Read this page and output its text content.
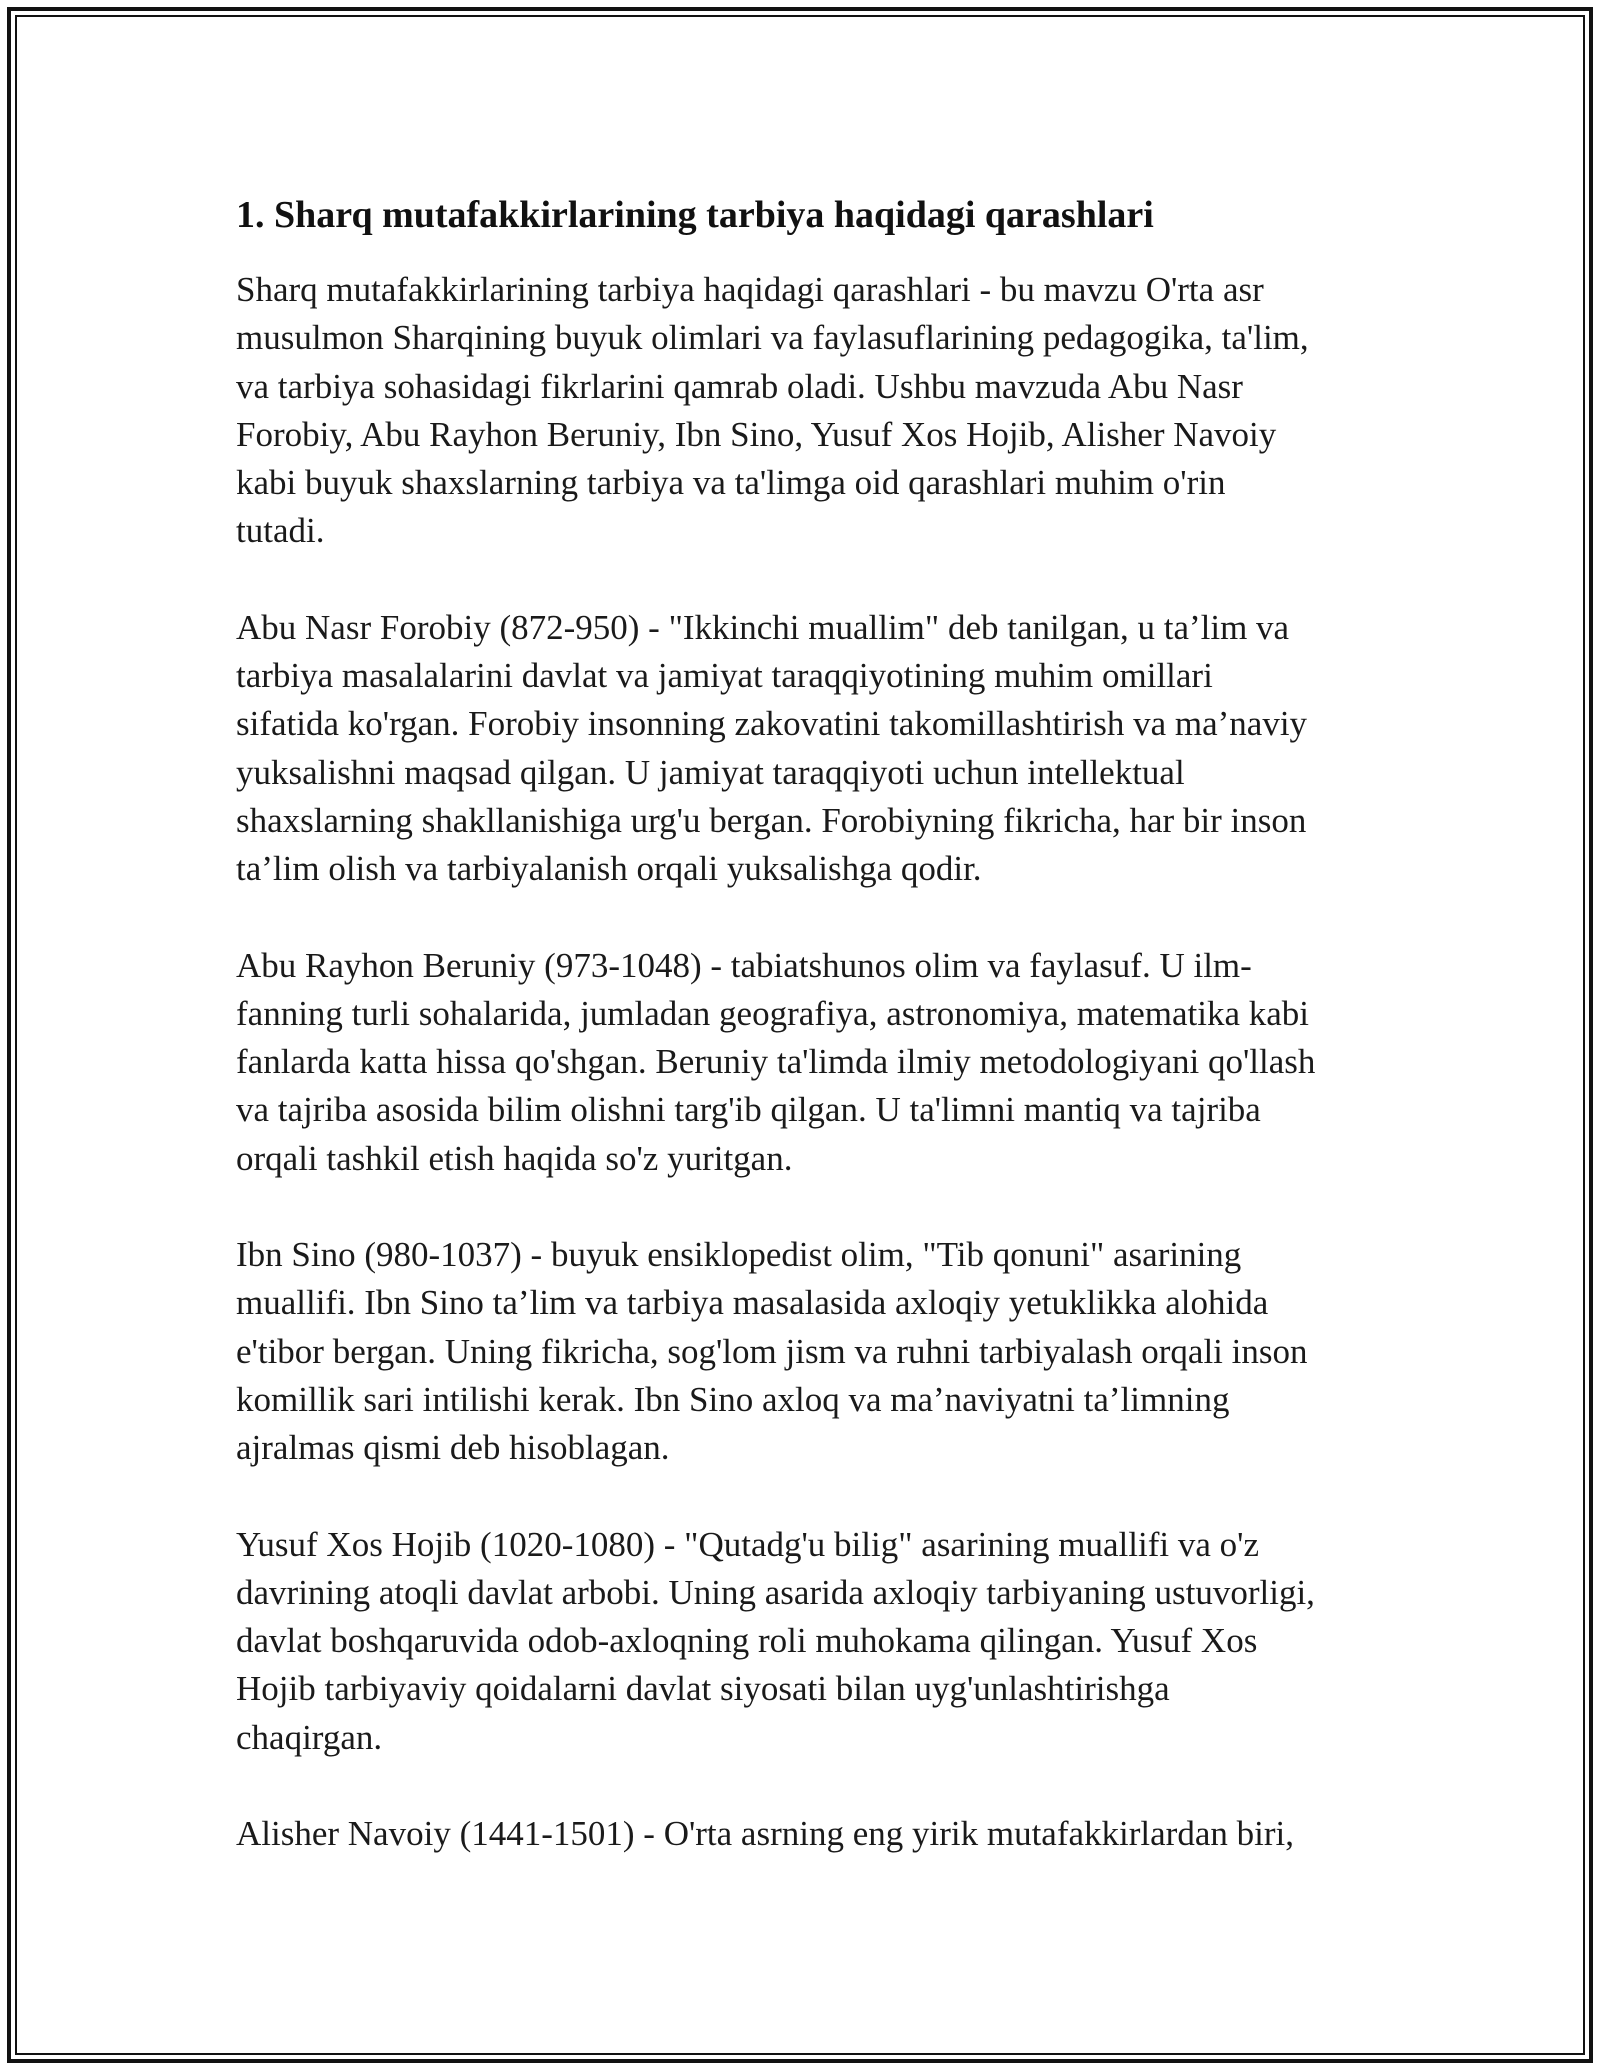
1. Sharq mutafakkirlarining tarbiya haqidagi qarashlari

Sharq mutafakkirlarining tarbiya haqidagi qarashlari - bu mavzu O'rta asr
musulmon Sharqining buyuk olimlari va faylasuflarining pedagogika, ta'lim,
va tarbiya sohasidagi fikrlarini qamrab oladi. Ushbu mavzuda Abu Nasr
Forobiy, Abu Rayhon Beruniy, Ibn Sino, Yusuf Xos Hojib, Alisher Navoiy
kabi buyuk shaxslarning tarbiya va ta'limga oid qarashlari muhim o'rin
tutadi.

Abu Nasr Forobiy (872-950) - "Ikkinchi muallim" deb tanilgan, u ta’lim va
tarbiya masalalarini davlat va jamiyat taraqqiyotining muhim omillari
sifatida ko'rgan. Forobiy insonning zakovatini takomillashtirish va ma’naviy
yuksalishni maqsad qilgan. U jamiyat taraqqiyoti uchun intellektual
shaxslarning shakllanishiga urg'u bergan. Forobiyning fikricha, har bir inson
ta’lim olish va tarbiyalanish orqali yuksalishga qodir.

Abu Rayhon Beruniy (973-1048) - tabiatshunos olim va faylasuf. U ilm-
fanning turli sohalarida, jumladan geografiya, astronomiya, matematika kabi
fanlarda katta hissa qo'shgan. Beruniy ta'limda ilmiy metodologiyani qo'llash
va tajriba asosida bilim olishni targ'ib qilgan. U ta'limni mantiq va tajriba
orqali tashkil etish haqida so'z yuritgan.

Ibn Sino (980-1037) - buyuk ensiklopedist olim, "Tib qonuni" asarining
muallifi. Ibn Sino ta’lim va tarbiya masalasida axloqiy yetuklikka alohida
e'tibor bergan. Uning fikricha, sog'lom jism va ruhni tarbiyalash orqali inson
komillik sari intilishi kerak. Ibn Sino axloq va ma’naviyatni ta’limning
ajralmas qismi deb hisoblagan.

Yusuf Xos Hojib (1020-1080) - "Qutadg'u bilig" asarining muallifi va o'z
davrining atoqli davlat arbobi. Uning asarida axloqiy tarbiyaning ustuvorligi,
davlat boshqaruvida odob-axloqning roli muhokama qilingan. Yusuf Xos
Hojib tarbiyaviy qoidalarni davlat siyosati bilan uyg'unlashtirishga
chaqirgan.

Alisher Navoiy (1441-1501) - O'rta asrning eng yirik mutafakkirlardan biri,
